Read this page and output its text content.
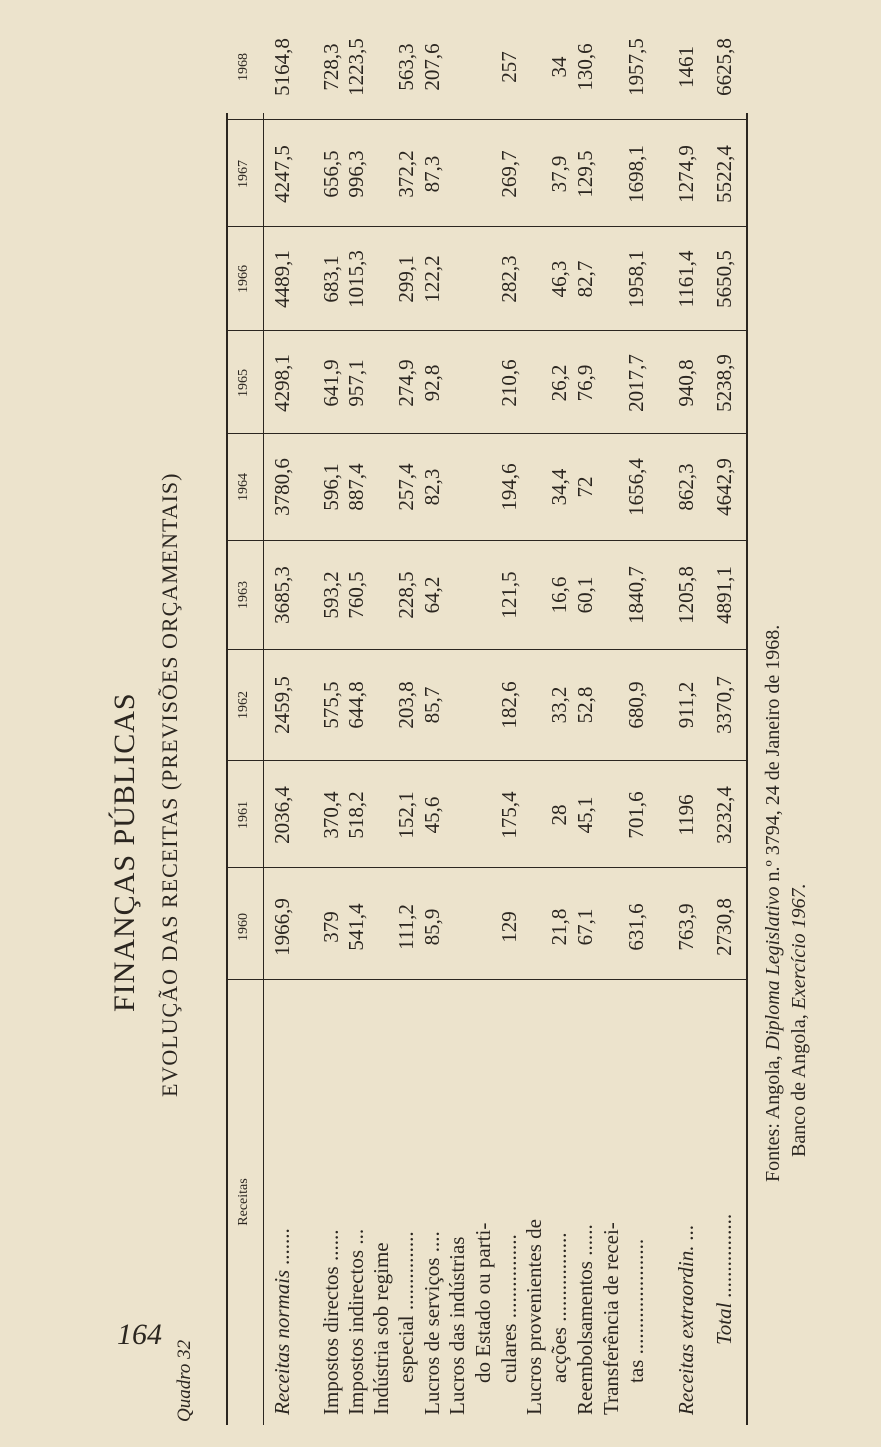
164
Quadro 32
FINANÇAS PÚBLICAS EVOLUÇÃO DAS RECEITAS (PREVISÕES ORÇAMENTAIS)
Receitas
1960
1961
1962
1963
1964
1965
1966
1967
1968
Receitas normais .......
1966,9
2036,4
2459,5
3685,3
3780,6
4298,1
4489,1
4247,5
5164,8
Impostos directos ......
379
370,4
575,5
593,2
596,1
641,9
683,1
656,5
728,3
Impostos indirectos ...
541,4
518,2
644,8
760,5
887,4
957,1
1015,3
996,3
1223,5
Indústria sob regime especial ...............
111,2
152,1
203,8
228,5
257,4
274,9
299,1
372,2
563,3
Lucros de serviços ....
85,9
45,6
85,7
64,2
82,3
92,8
122,2
87,3
207,6
Lucros das indústrias do Estado ou parti- culares ................
129
175,4
182,6
121,5
194,6
210,6
282,3
269,7
257
Lucros provenientes de acções .................
21,8
28
33,2
16,6
34,4
26,2
46,3
37,9
34
Reembolsamentos ......
67,1
45,1
52,8
60,1
72
76,9
82,7
129,5
130,6
Transferência de recei- tas ......................
631,6
701,6
680,9
1840,7
1656,4
2017,7
1958,1
1698,1
1957,5
Receitas extraordin. ...
763,9
1196
911,2
1205,8
862,3
940,8
1161,4
1274,9
1461
Total ................
2730,8
3232,4
3370,7
4891,1
4642,9
5238,9
5650,5
5522,4
6625,8
Fontes: Angola, Diploma Legislativo n.º 3794, 24 de Janeiro de 1968.
Banco de Angola, Exercício 1967.
